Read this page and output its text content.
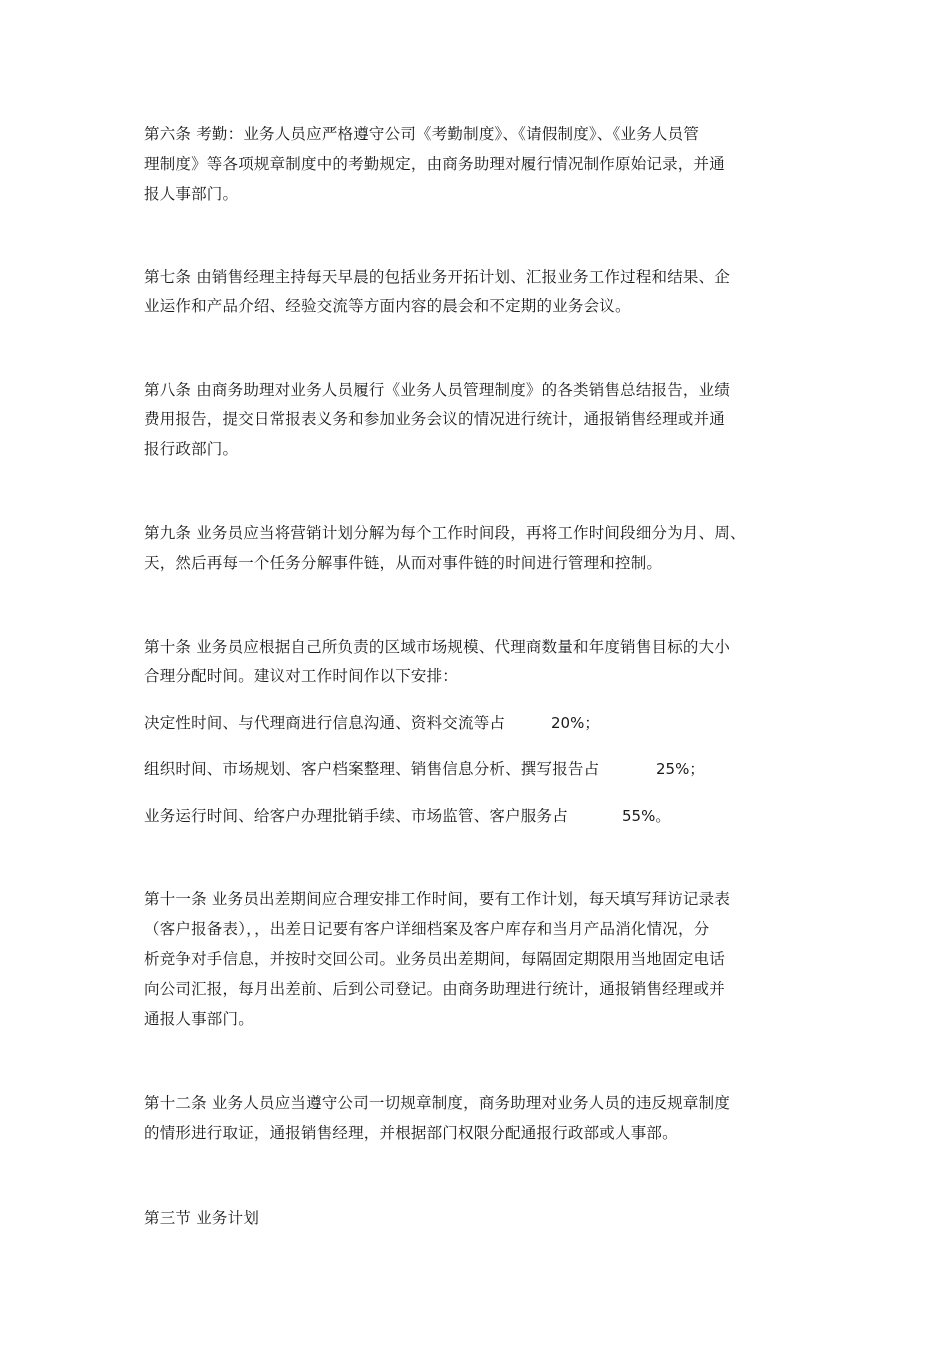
第六条 考勤：业务人员应严格遵守公司《考勤制度》、《请假制度》、《业务人员管
理制度》等各项规章制度中的考勤规定，由商务助理对履行情况制作原始记录，并通
报人事部门。
第七条 由销售经理主持每天早晨的包括业务开拓计划、汇报业务工作过程和结果、企
业运作和产品介绍、经验交流等方面内容的晨会和不定期的业务会议。
第八条 由商务助理对业务人员履行《业务人员管理制度》的各类销售总结报告，业绩
费用报告，提交日常报表义务和参加业务会议的情况进行统计，通报销售经理或并通
报行政部门。
第九条 业务员应当将营销计划分解为每个工作时间段，再将工作时间段细分为月、周、
天，然后再每一个任务分解事件链，从而对事件链的时间进行管理和控制。
第十条 业务员应根据自己所负责的区域市场规模、代理商数量和年度销售目标的大小
合理分配时间。建议对工作时间作以下安排：
决定性时间、与代理商进行信息沟通、资料交流等占	20%；
组织时间、市场规划、客户档案整理、销售信息分析、撰写报告占	25%；
业务运行时间、给客户办理批销手续、市场监管、客户服务占	55%。
第十一条 业务员出差期间应合理安排工作时间，要有工作计划，每天填写拜访记录表
（客户报备表），，出差日记要有客户详细档案及客户库存和当月产品消化情况，分
析竞争对手信息，并按时交回公司。业务员出差期间，每隔固定期限用当地固定电话
向公司汇报，每月出差前、后到公司登记。由商务助理进行统计，通报销售经理或并
通报人事部门。
第十二条 业务人员应当遵守公司一切规章制度，商务助理对业务人员的违反规章制度
的情形进行取证，通报销售经理，并根据部门权限分配通报行政部或人事部。
第三节 业务计划
